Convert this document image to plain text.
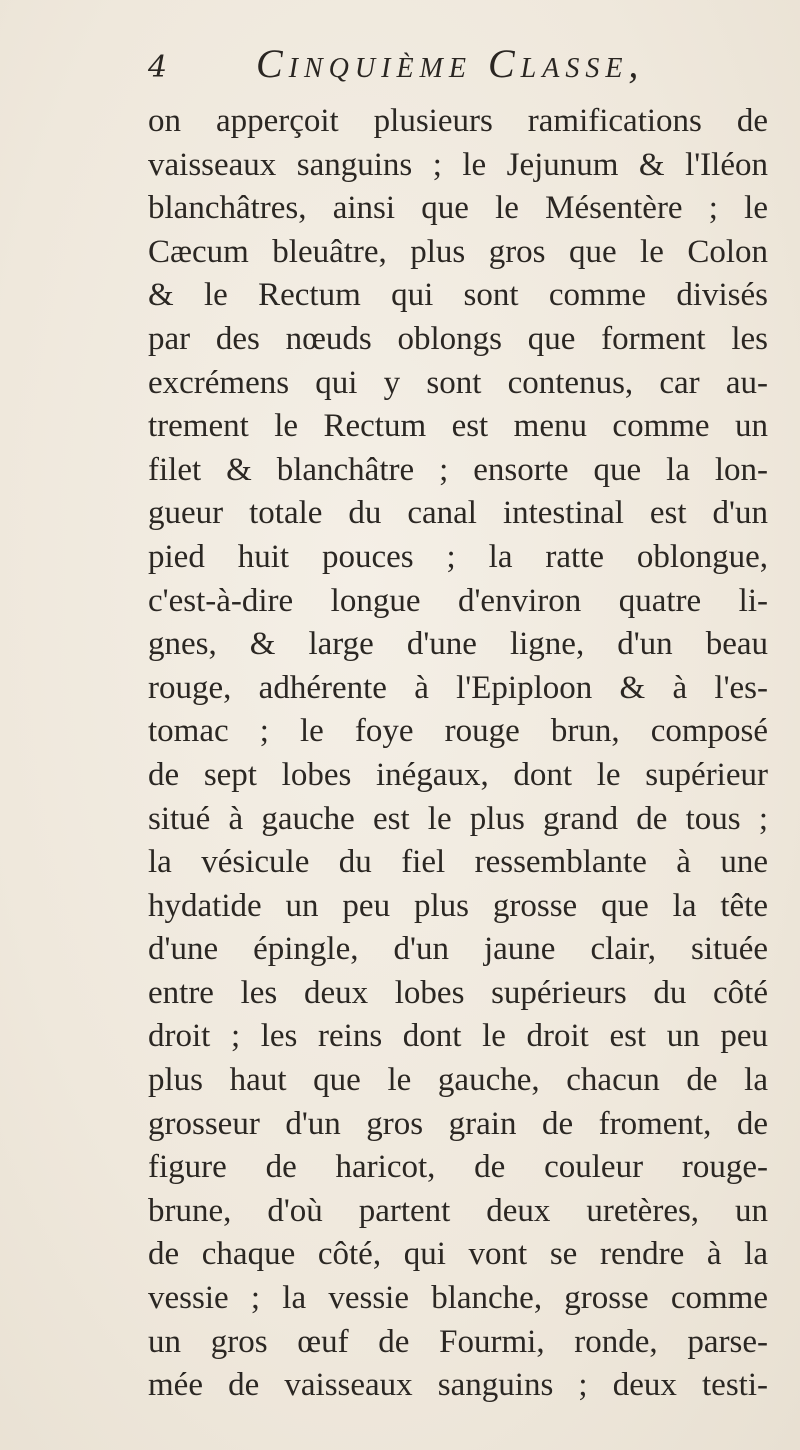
4 Cinquième Classe,
on apperçoit plusieurs ramifications de
vaisseaux sanguins ; le Jejunum & l'Iléon
blanchâtres, ainsi que le Mésentère ; le
Cæcum bleuâtre, plus gros que le Colon
& le Rectum qui sont comme divisés
par des nœuds oblongs que forment les
excrémens qui y sont contenus, car au-
trement le Rectum est menu comme un
filet & blanchâtre ; ensorte que la lon-
gueur totale du canal intestinal est d'un
pied huit pouces ; la ratte oblongue,
c'est-à-dire longue d'environ quatre li-
gnes, & large d'une ligne, d'un beau
rouge, adhérente à l'Epiploon & à l'es-
tomac ; le foye rouge brun, composé
de sept lobes inégaux, dont le supérieur
situé à gauche est le plus grand de tous ;
la vésicule du fiel ressemblante à une
hydatide un peu plus grosse que la tête
d'une épingle, d'un jaune clair, située
entre les deux lobes supérieurs du côté
droit ; les reins dont le droit est un peu
plus haut que le gauche, chacun de la
grosseur d'un gros grain de froment, de
figure de haricot, de couleur rouge-
brune, d'où partent deux uretères, un
de chaque côté, qui vont se rendre à la
vessie ; la vessie blanche, grosse comme
un gros œuf de Fourmi, ronde, parse-
mée de vaisseaux sanguins ; deux testi-
